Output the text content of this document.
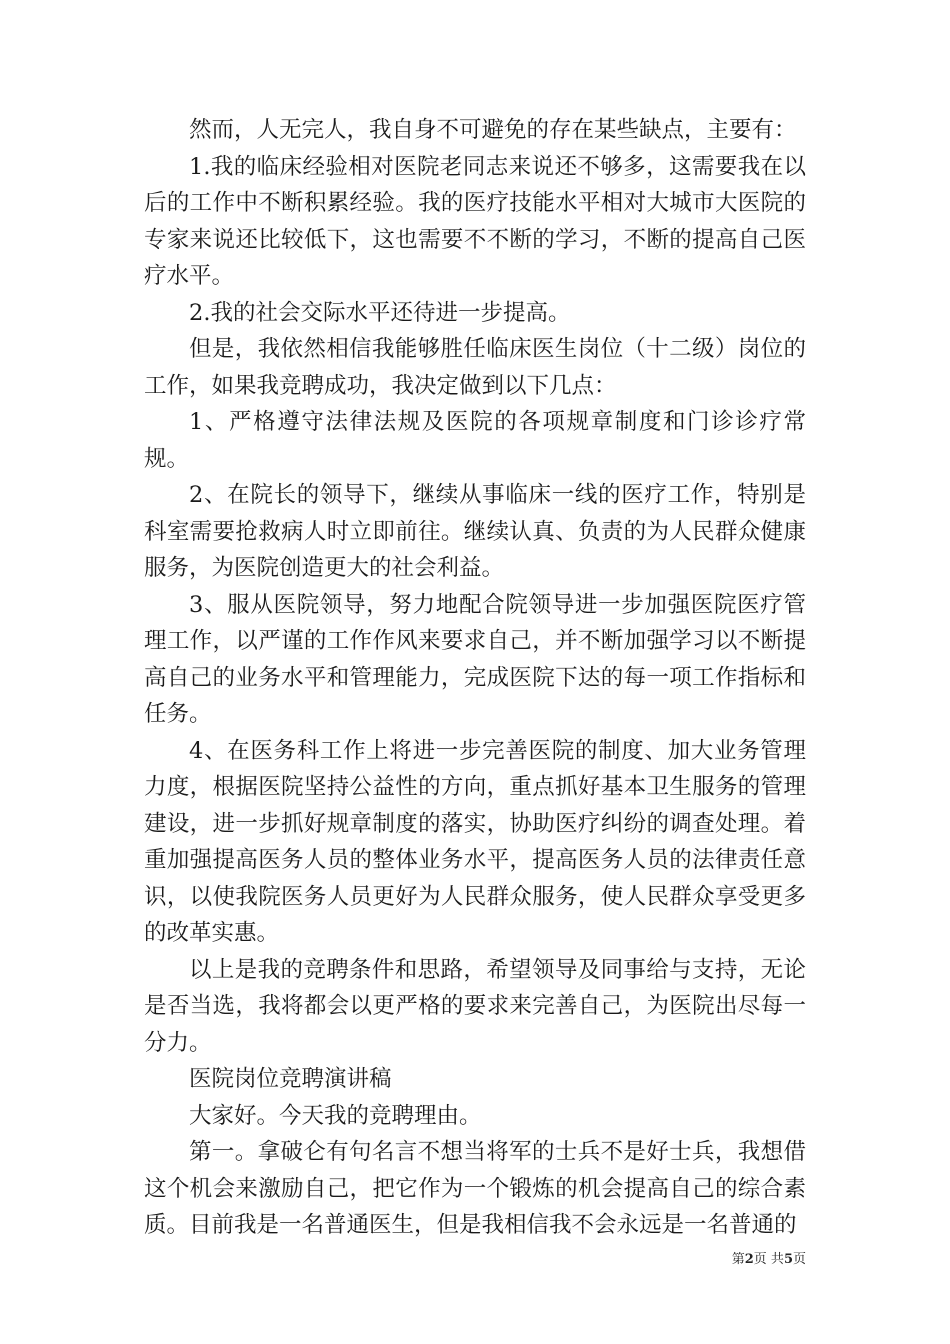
然而，人无完人，我自身不可避免的存在某些缺点，主要有：

1.我的临床经验相对医院老同志来说还不够多，这需要我在以后的工作中不断积累经验。我的医疗技能水平相对大城市大医院的专家来说还比较低下，这也需要不不断的学习，不断的提高自己医疗水平。

2.我的社会交际水平还待进一步提高。

但是，我依然相信我能够胜任临床医生岗位（十二级）岗位的工作，如果我竞聘成功，我决定做到以下几点：

1、严格遵守法律法规及医院的各项规章制度和门诊诊疗常规。

2、在院长的领导下，继续从事临床一线的医疗工作，特别是科室需要抢救病人时立即前往。继续认真、负责的为人民群众健康服务，为医院创造更大的社会利益。

3、服从医院领导，努力地配合院领导进一步加强医院医疗管理工作，以严谨的工作作风来要求自己，并不断加强学习以不断提高自己的业务水平和管理能力，完成医院下达的每一项工作指标和任务。

4、在医务科工作上将进一步完善医院的制度、加大业务管理力度，根据医院坚持公益性的方向，重点抓好基本卫生服务的管理建设，进一步抓好规章制度的落实，协助医疗纠纷的调查处理。着重加强提高医务人员的整体业务水平，提高医务人员的法律责任意识，以使我院医务人员更好为人民群众服务，使人民群众享受更多的改革实惠。

以上是我的竞聘条件和思路，希望领导及同事给与支持，无论是否当选，我将都会以更严格的要求来完善自己，为医院出尽每一分力。

医院岗位竞聘演讲稿

大家好。今天我的竞聘理由。

第一。拿破仑有句名言不想当将军的士兵不是好士兵，我想借这个机会来激励自己，把它作为一个锻炼的机会提高自己的综合素质。目前我是一名普通医生，但是我相信我不会永远是一名普通的

第2页 共5页
